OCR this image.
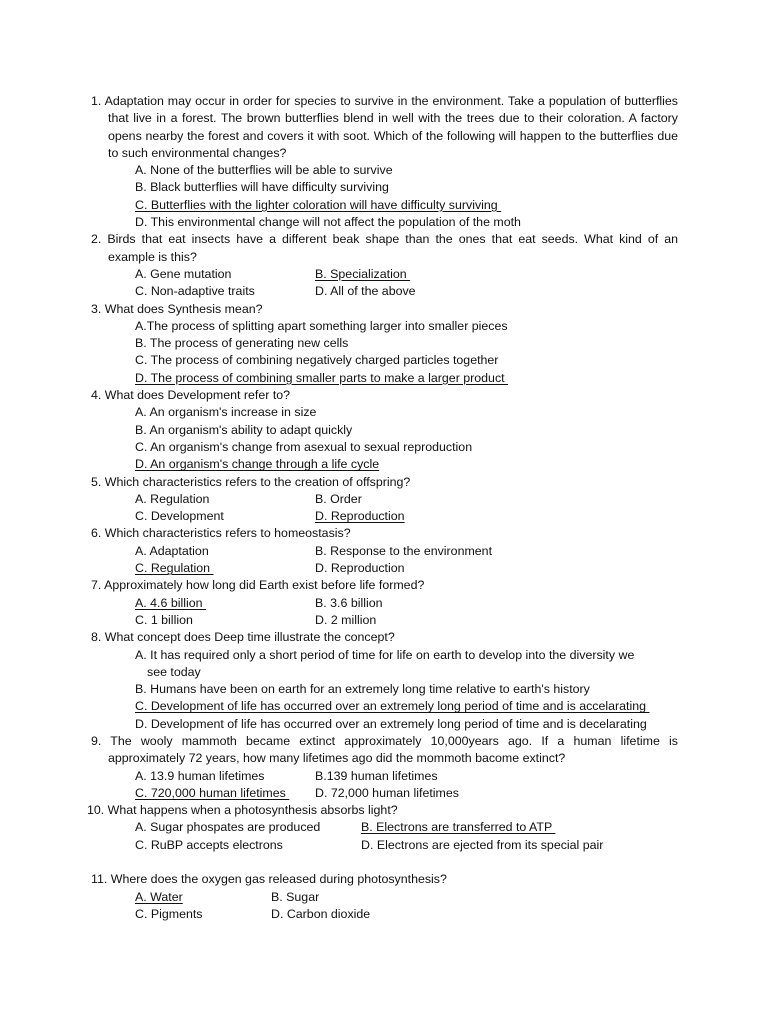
1. Adaptation may occur in order for species to survive in the environment. Take a population of butterflies that live in a forest. The brown butterflies blend in well with the trees due to their coloration. A factory opens nearby the forest and covers it with soot. Which of the following will happen to the butterflies due to such environmental changes?
A. None of the butterflies will be able to survive
B. Black butterflies will have difficulty surviving
C. Butterflies with the lighter coloration will have difficulty surviving
D. This environmental change will not affect the population of the moth
2. Birds that eat insects have a different beak shape than the ones that eat seeds. What kind of an example is this?
A. Gene mutation	B. Specialization
C. Non-adaptive traits	D. All of the above
3. What does Synthesis mean?
A.The process of splitting apart something larger into smaller pieces
B. The process of generating new cells
C. The process of combining negatively charged particles together
D. The process of combining smaller parts to make a larger product
4. What does Development refer to?
A. An organism's increase in size
B. An organism's ability to adapt quickly
C. An organism's change from asexual to sexual reproduction
D. An organism's change through a life cycle
5. Which characteristics refers to the creation of offspring?
A. Regulation	B. Order
C. Development	D. Reproduction
6. Which characteristics refers to homeostasis?
A. Adaptation	B. Response to the environment
C. Regulation	D. Reproduction
7. Approximately how long did Earth exist before life formed?
A. 4.6 billion	B. 3.6 billion
C. 1 billion	D. 2 million
8. What concept does Deep time illustrate the concept?
A. It has required only a short period of time for life on earth to develop into the diversity we
see today
B. Humans have been on earth for an extremely long time relative to earth's history
C. Development of life has occurred over an extremely long period of time and is accelarating
D. Development of life has occurred over an extremely long period of time and is decelarating
9. The wooly mammoth became extinct approximately 10,000years ago. If a human lifetime is approximately 72 years, how many lifetimes ago did the mommoth bacome extinct?
A. 13.9 human lifetimes	B.139 human lifetimes
C. 720,000 human lifetimes D. 72,000 human lifetimes
10. What happens when a photosynthesis absorbs light?
A. Sugar phospates are produced	B. Electrons are transferred to ATP
C. RuBP accepts electrons	D. Electrons are ejected from its special pair
11. Where does the oxygen gas released during photosynthesis?
A. Water	B. Sugar
C. Pigments	D. Carbon dioxide
